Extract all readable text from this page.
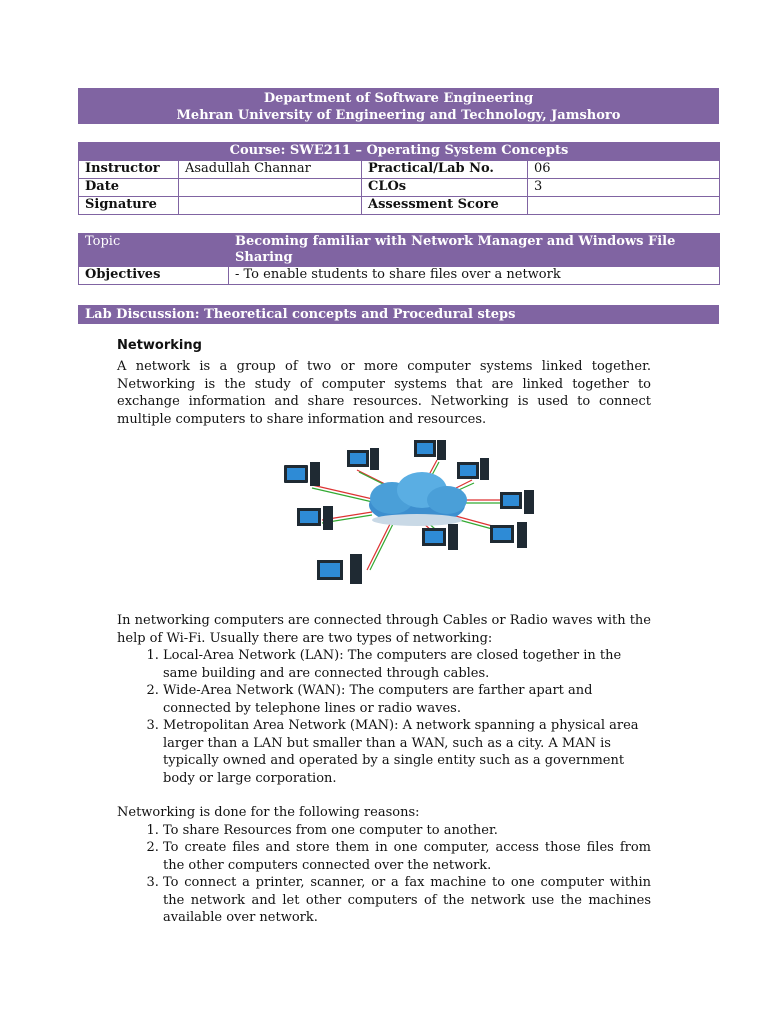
Department of Software Engineering
Mehran University of Engineering and Technology, Jamshoro
Course: SWE211 – Operating System Concepts			
Instructor	Asadullah Channar	Practical/Lab No.	06
Date		CLOs	3
Signature		Assessment Score	
Topic	Becoming familiar with Network Manager and Windows File Sharing
Objectives	- To enable students to share files over a network
Lab Discussion: Theoretical concepts and Procedural steps
Networking
A network is a group of two or more computer systems linked together. Networking is the study of computer systems that are linked together to exchange information and share resources. Networking is used to connect multiple computers to share information and resources.
In networking computers are connected through Cables or Radio waves with the help of Wi-Fi. Usually there are two types of networking:
1. Local-Area Network (LAN): The computers are closed together in the same building and are connected through cables.
2. Wide-Area Network (WAN): The computers are farther apart and connected by telephone lines or radio waves.
3. Metropolitan Area Network (MAN): A network spanning a physical area larger than a LAN but smaller than a WAN, such as a city. A MAN is typically owned and operated by a single entity such as a government body or large corporation.
Networking is done for the following reasons:
1. To share Resources from one computer to another.
2. To create files and store them in one computer, access those files from the other computers connected over the network.
3. To connect a printer, scanner, or a fax machine to one computer within the network and let other computers of the network use the machines available over network.
